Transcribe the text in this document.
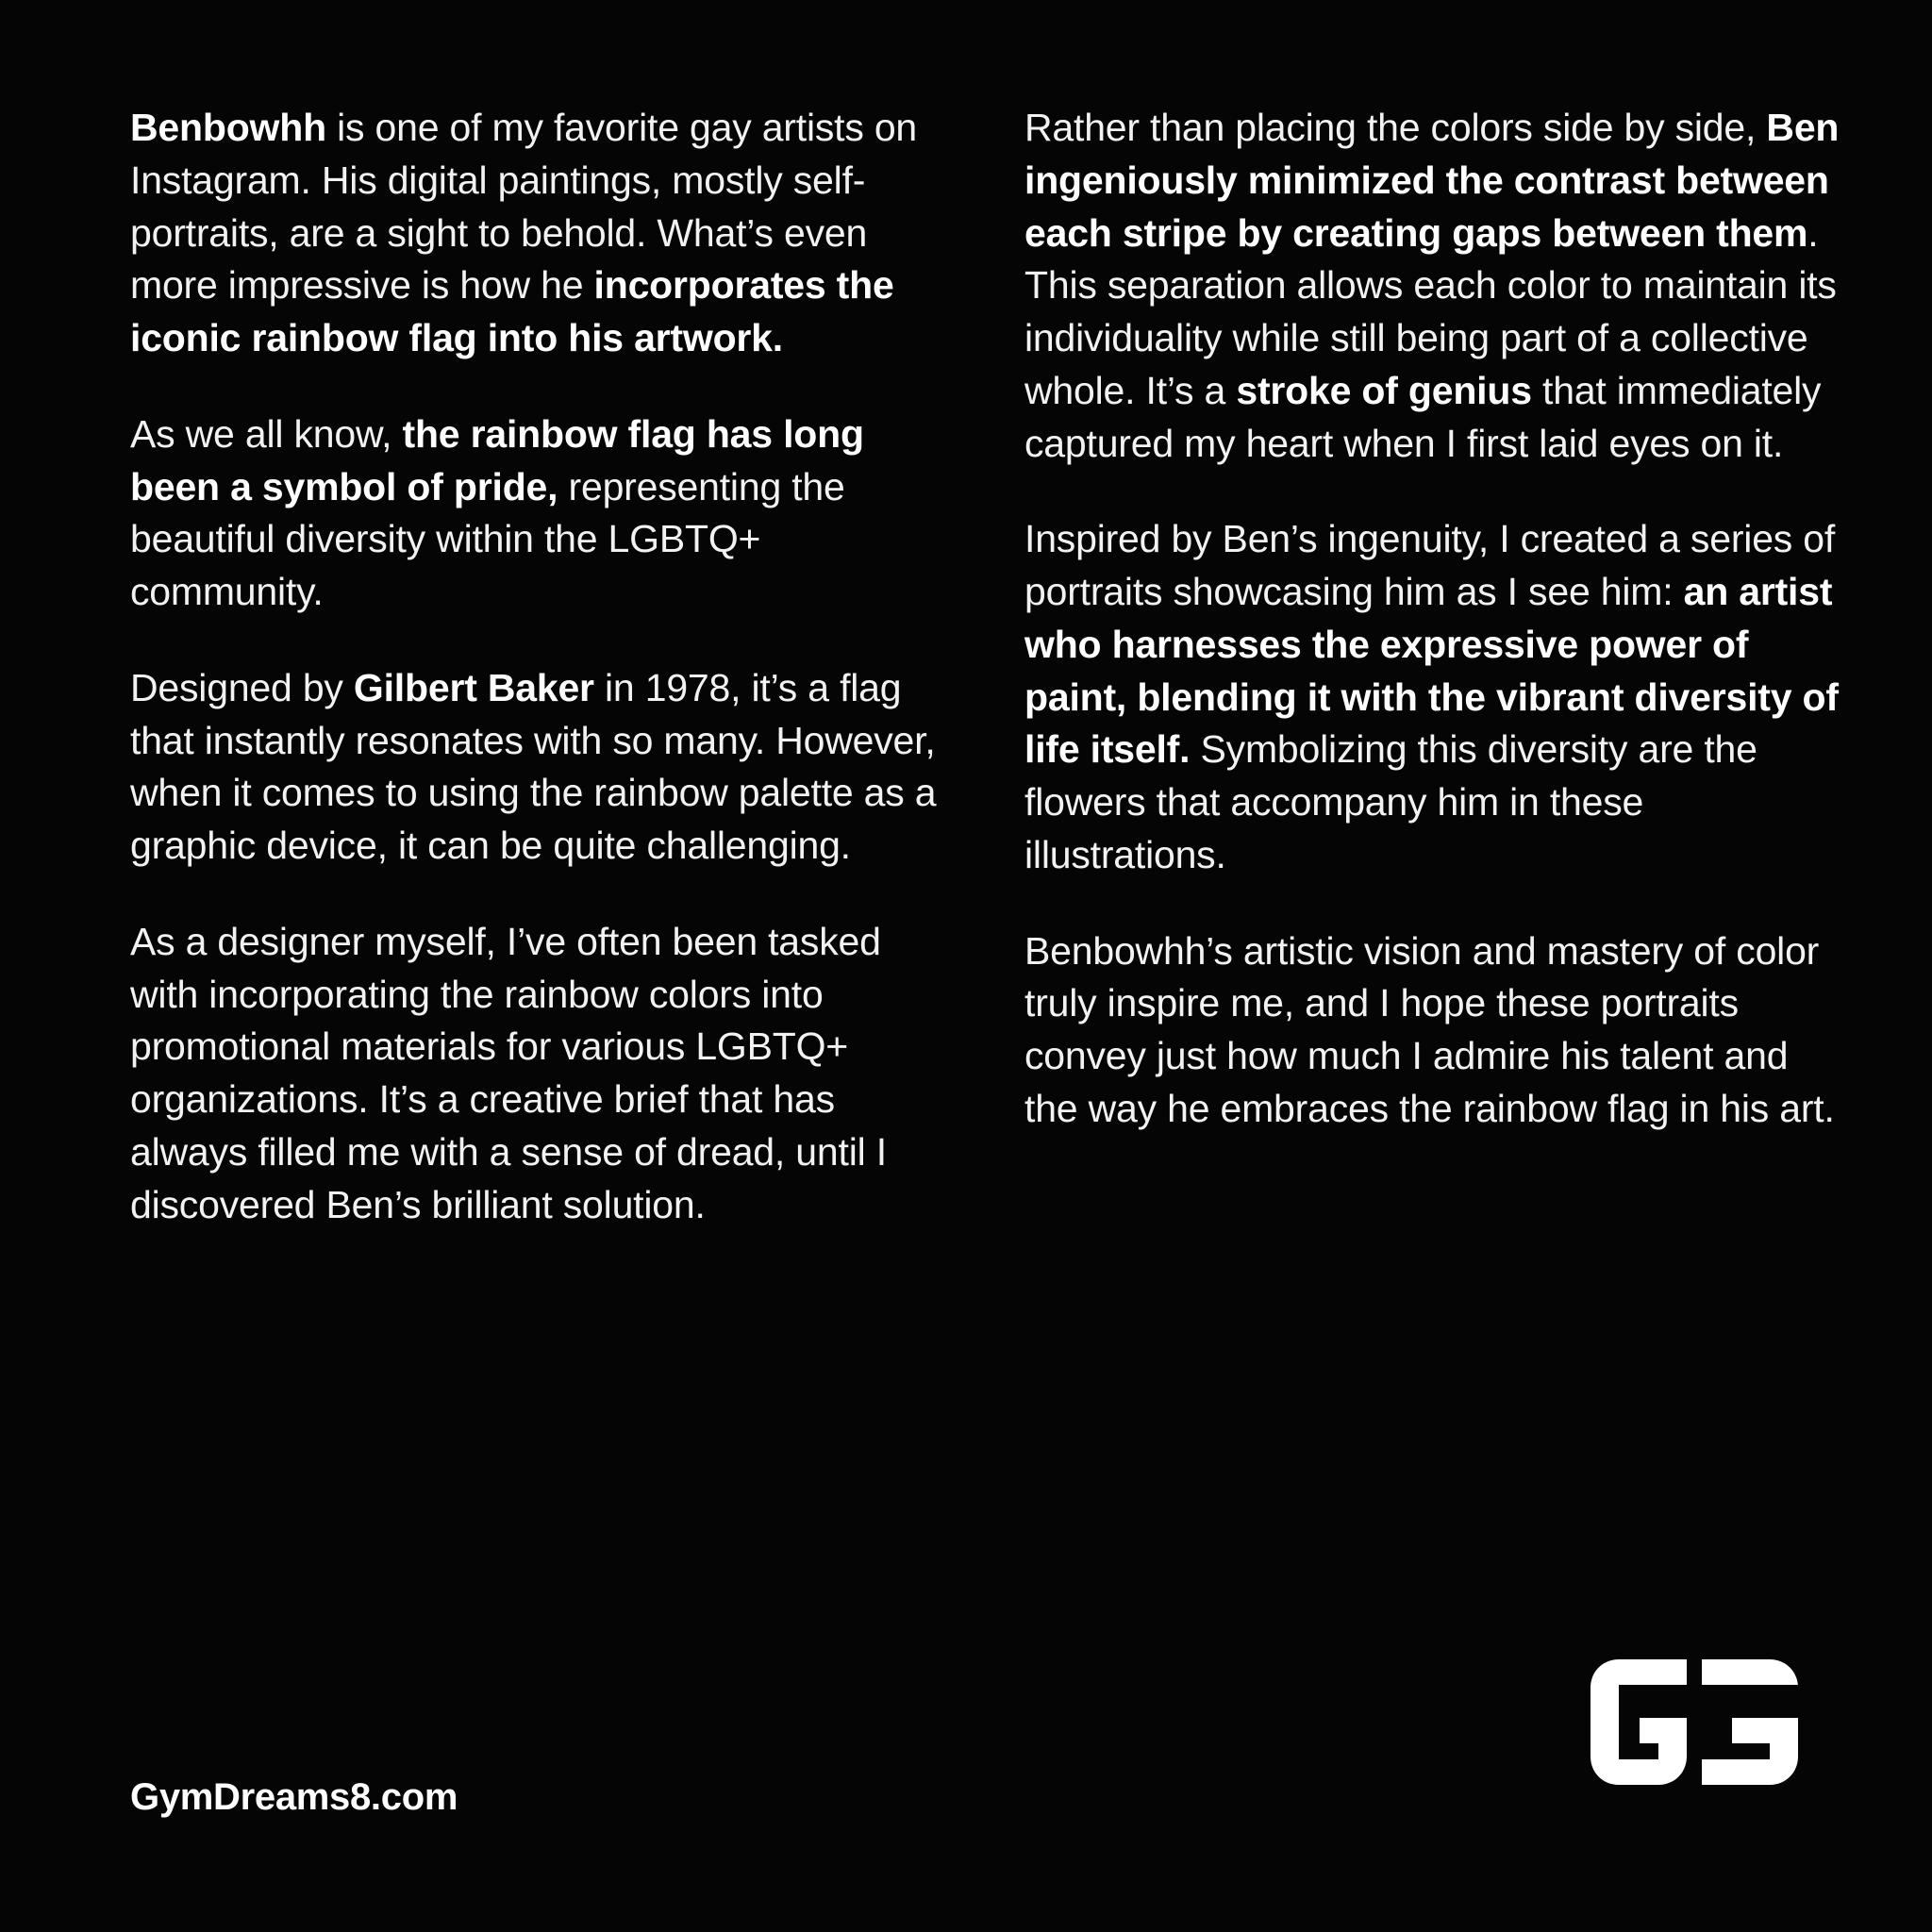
Benbowhh is one of my favorite gay artists on Instagram. His digital paintings, mostly self-portraits, are a sight to behold. What’s even more impressive is how he incorporates the iconic rainbow flag into his artwork.

As we all know, the rainbow flag has long been a symbol of pride, representing the beautiful diversity within the LGBTQ+ community.

Designed by Gilbert Baker in 1978, it’s a flag that instantly resonates with so many. However, when it comes to using the rainbow palette as a graphic device, it can be quite challenging.

As a designer myself, I’ve often been tasked with incorporating the rainbow colors into promotional materials for various LGBTQ+ organizations. It’s a creative brief that has always filled me with a sense of dread, until I discovered Ben’s brilliant solution.

Rather than placing the colors side by side, Ben ingeniously minimized the contrast between each stripe by creating gaps between them. This separation allows each color to maintain its individuality while still being part of a collective whole. It’s a stroke of genius that immediately captured my heart when I first laid eyes on it.

Inspired by Ben’s ingenuity, I created a series of portraits showcasing him as I see him: an artist who harnesses the expressive power of paint, blending it with the vibrant diversity of life itself. Symbolizing this diversity are the flowers that accompany him in these illustrations.

Benbowhh’s artistic vision and mastery of color truly inspire me, and I hope these portraits convey just how much I admire his talent and the way he embraces the rainbow flag in his art.

GymDreams8.com
